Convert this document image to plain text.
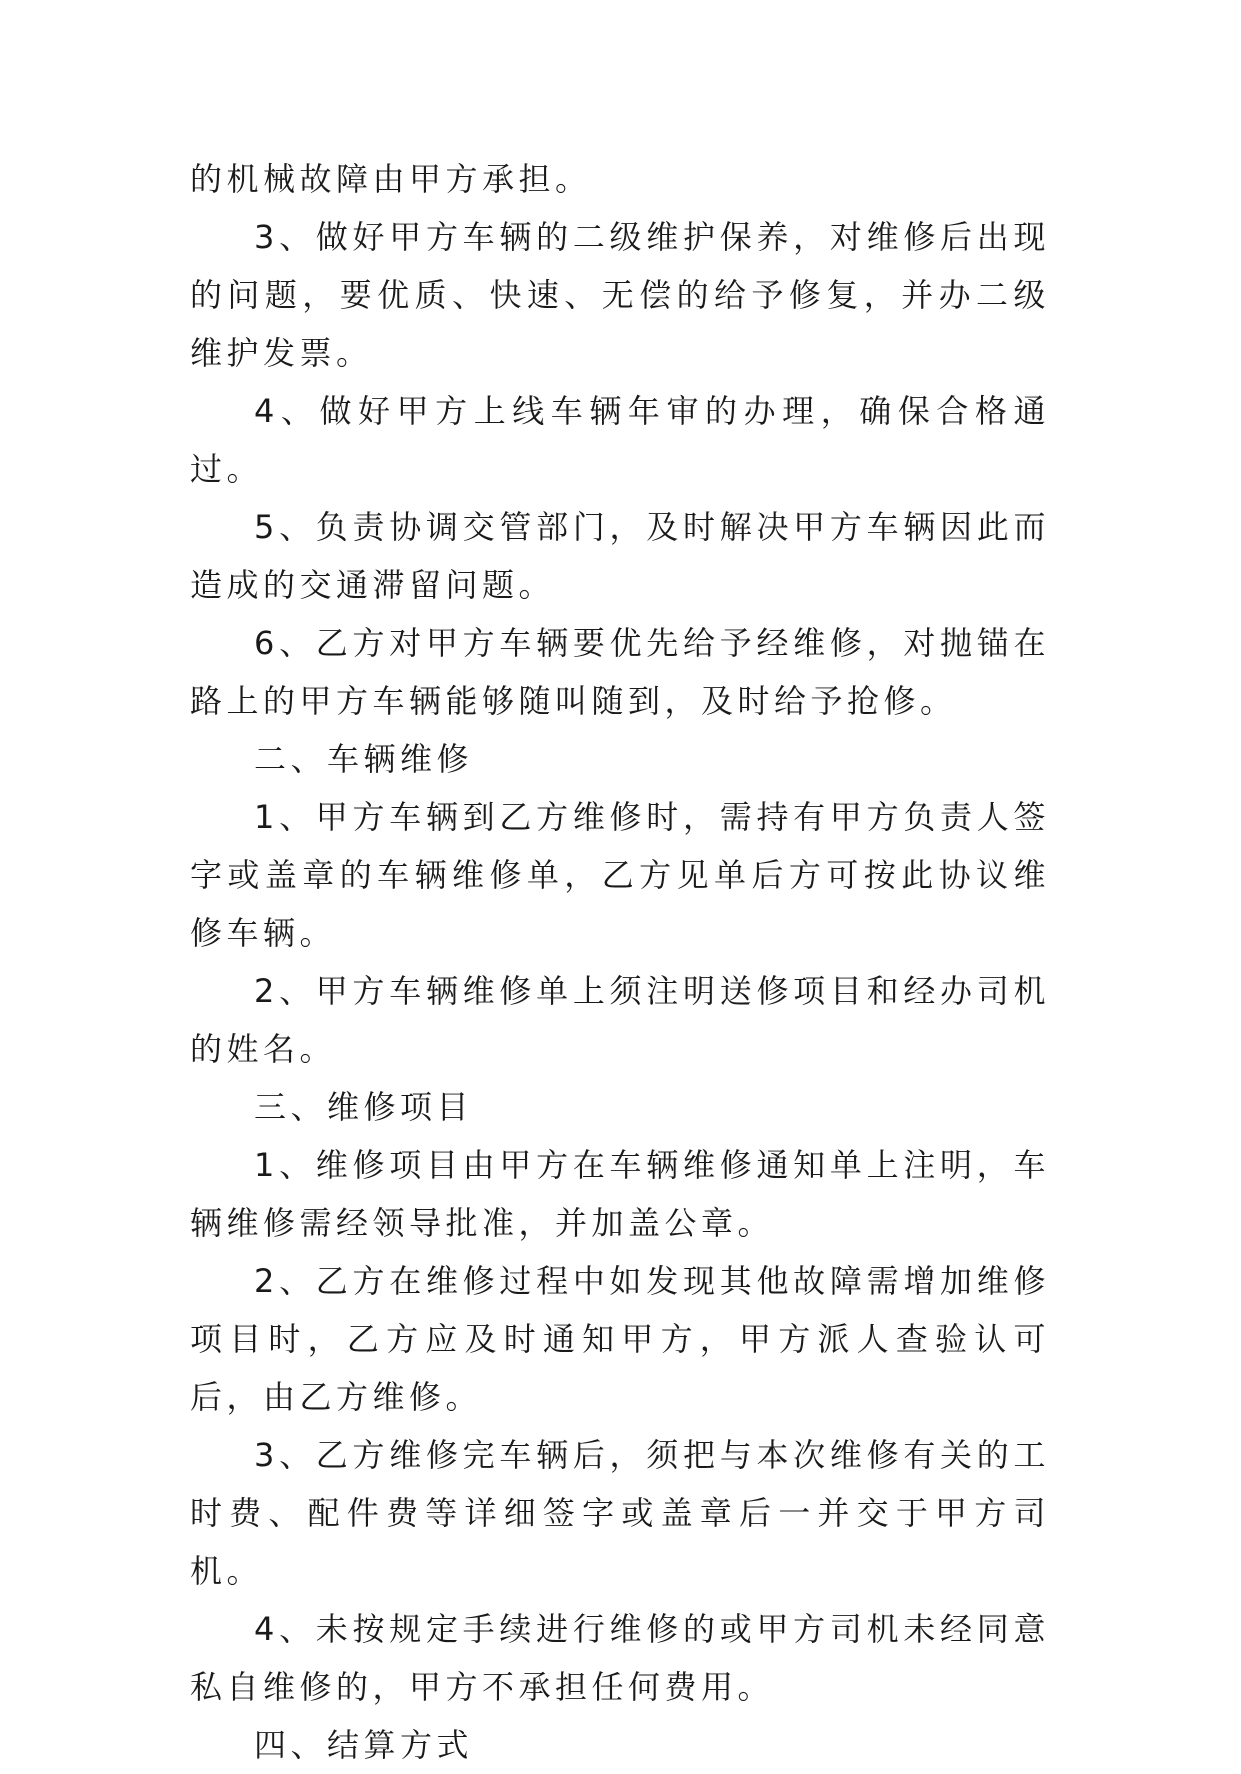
的机械故障由甲方承担。

3、做好甲方车辆的二级维护保养，对维修后出现的问题，要优质、快速、无偿的给予修复，并办二级维护发票。

4、做好甲方上线车辆年审的办理，确保合格通过。

5、负责协调交管部门，及时解决甲方车辆因此而造成的交通滞留问题。

6、乙方对甲方车辆要优先给予经维修，对抛锚在路上的甲方车辆能够随叫随到，及时给予抢修。

二、车辆维修

1、甲方车辆到乙方维修时，需持有甲方负责人签字或盖章的车辆维修单，乙方见单后方可按此协议维修车辆。

2、甲方车辆维修单上须注明送修项目和经办司机的姓名。

三、维修项目

1、维修项目由甲方在车辆维修通知单上注明，车辆维修需经领导批准，并加盖公章。

2、乙方在维修过程中如发现其他故障需增加维修项目时，乙方应及时通知甲方，甲方派人查验认可后，由乙方维修。

3、乙方维修完车辆后，须把与本次维修有关的工时费、配件费等详细签字或盖章后一并交于甲方司机。

4、未按规定手续进行维修的或甲方司机未经同意私自维修的，甲方不承担任何费用。

四、结算方式
